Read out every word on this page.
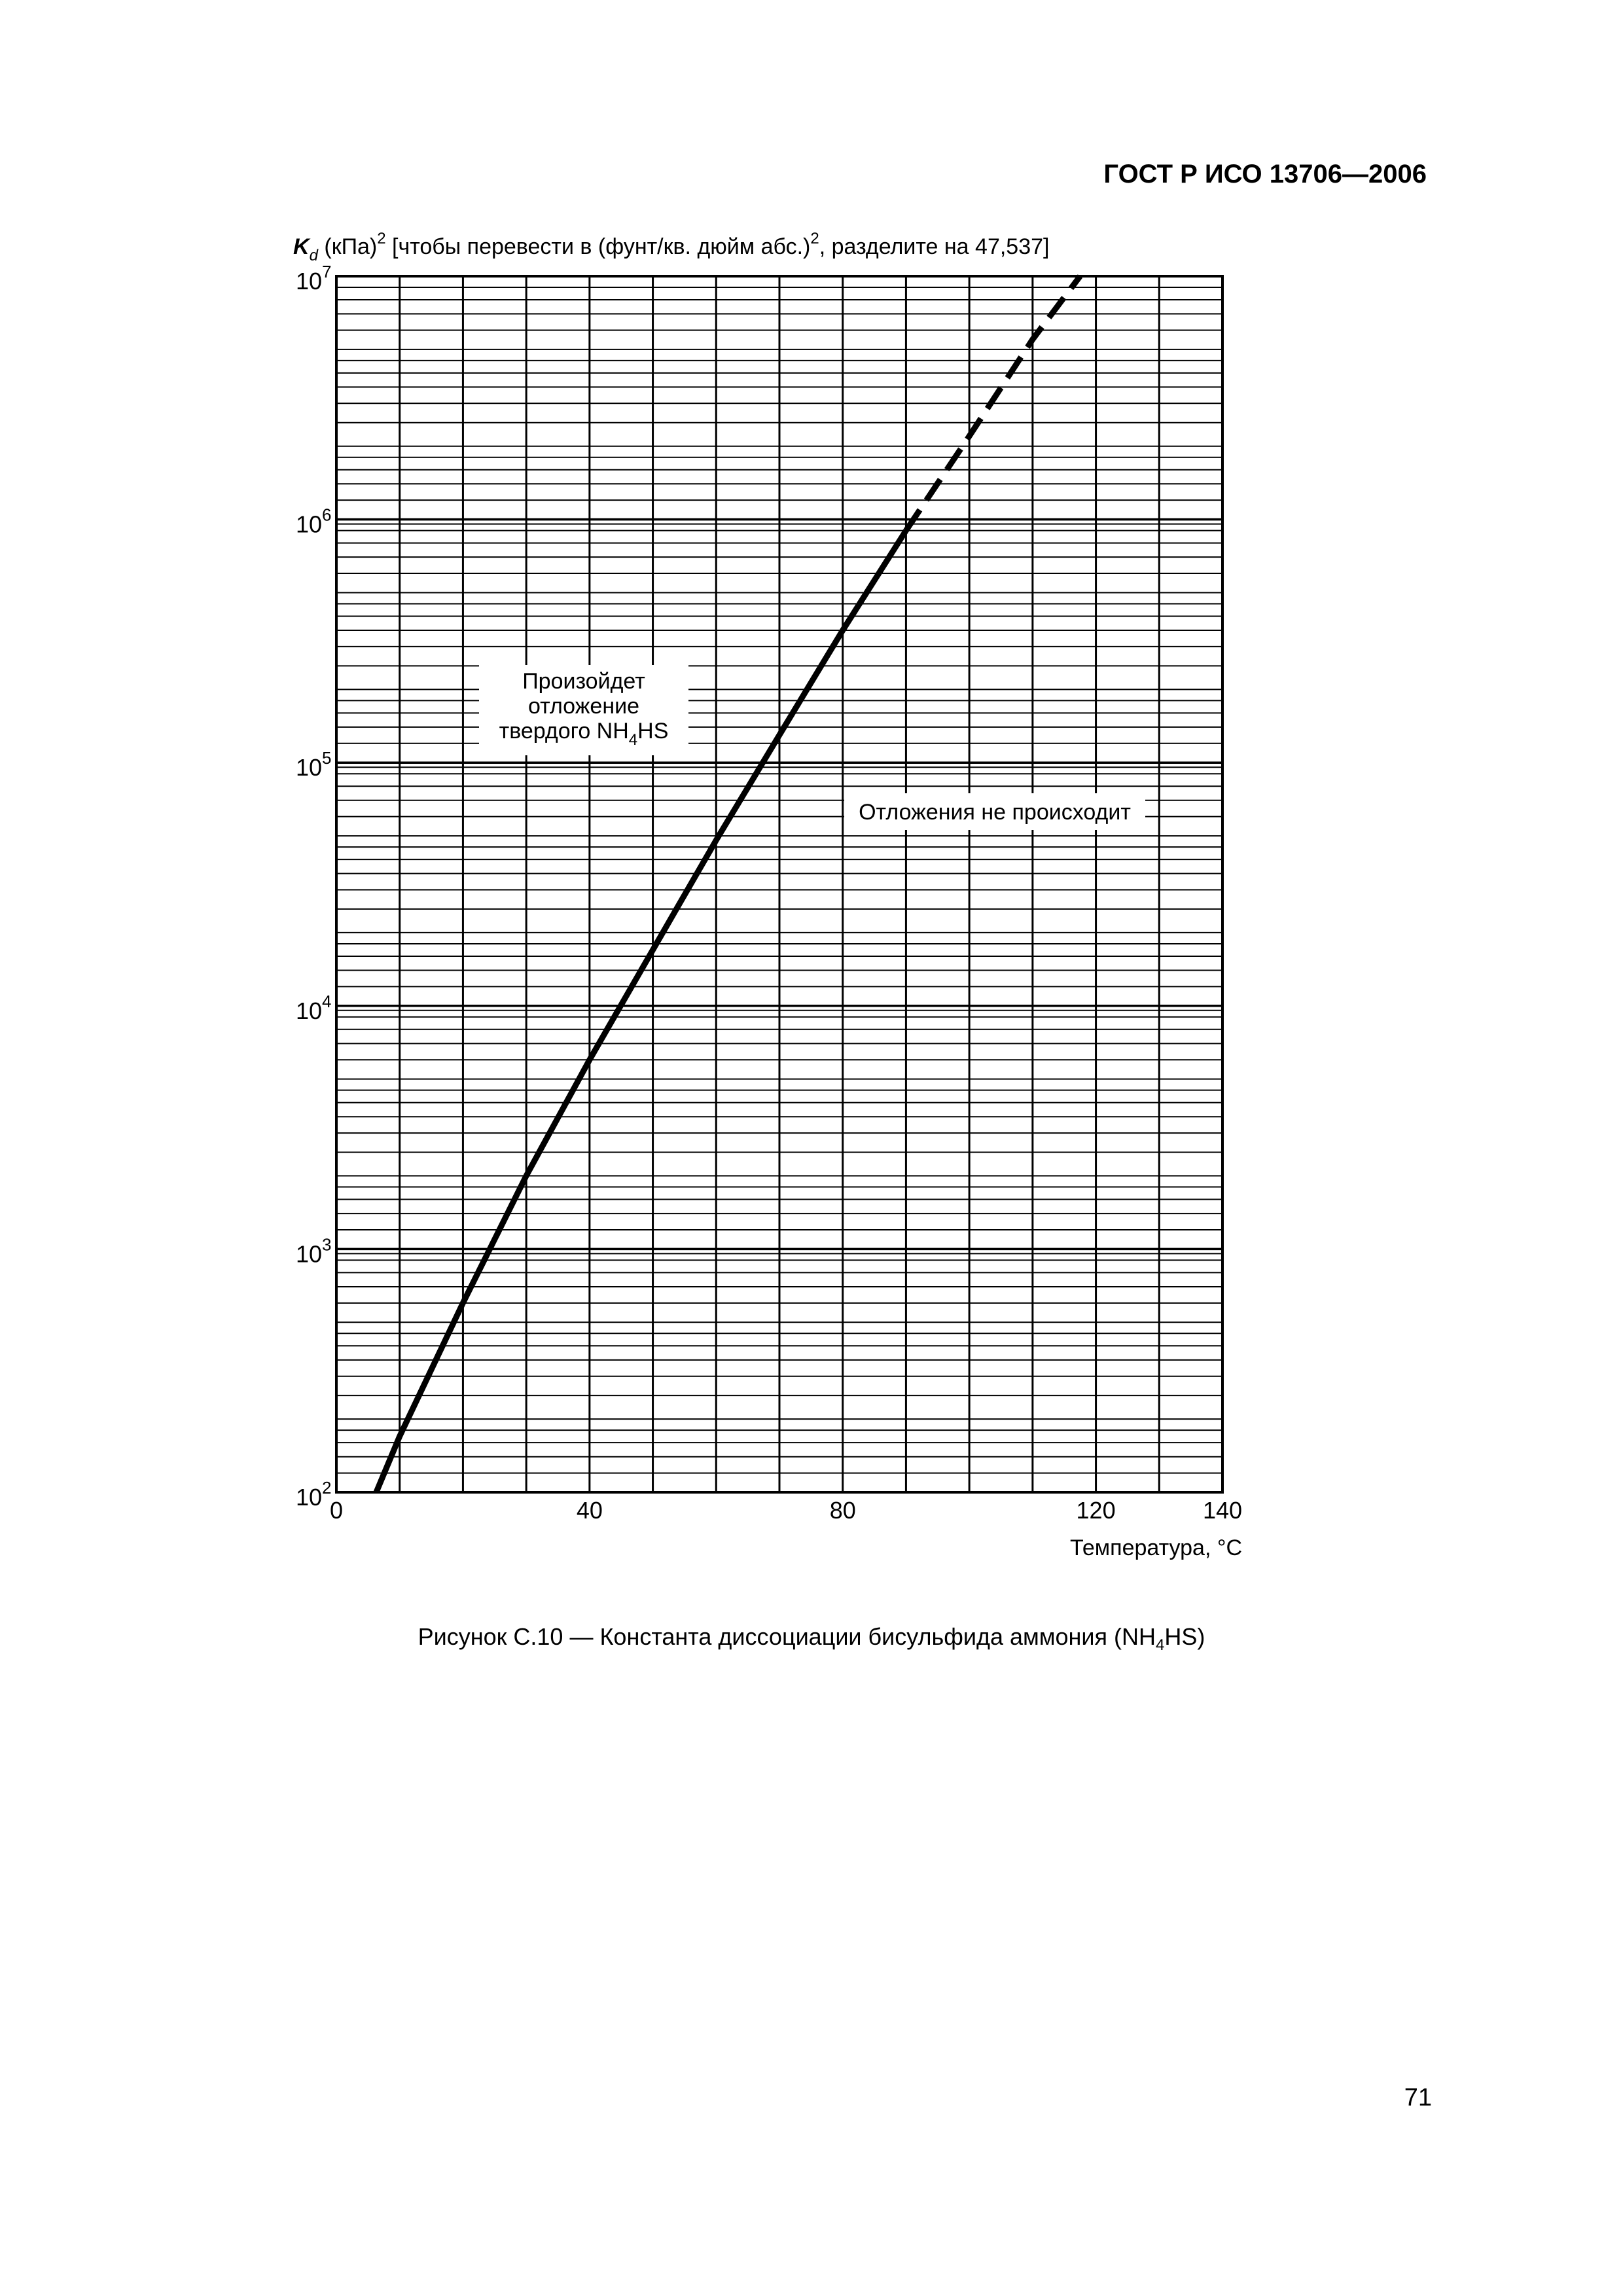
ГОСТ Р ИСО 13706—2006
$10^2$
$10^3$
$10^4$
$10^5$
$10^6$
$10^7$
0	40	80	120	140
Температура, °С
$K_d$ (кПа)$^2$ [чтобы перевести в (фунт/кв. дюйм абс.)$^2$, разделите на 47,537]
Произойдет
отложение
твердого $NH_4HS$
Отложения не происходит
Рисунок С.10 — Константа диссоциации бисульфида аммония $(NH_4HS)$
71
